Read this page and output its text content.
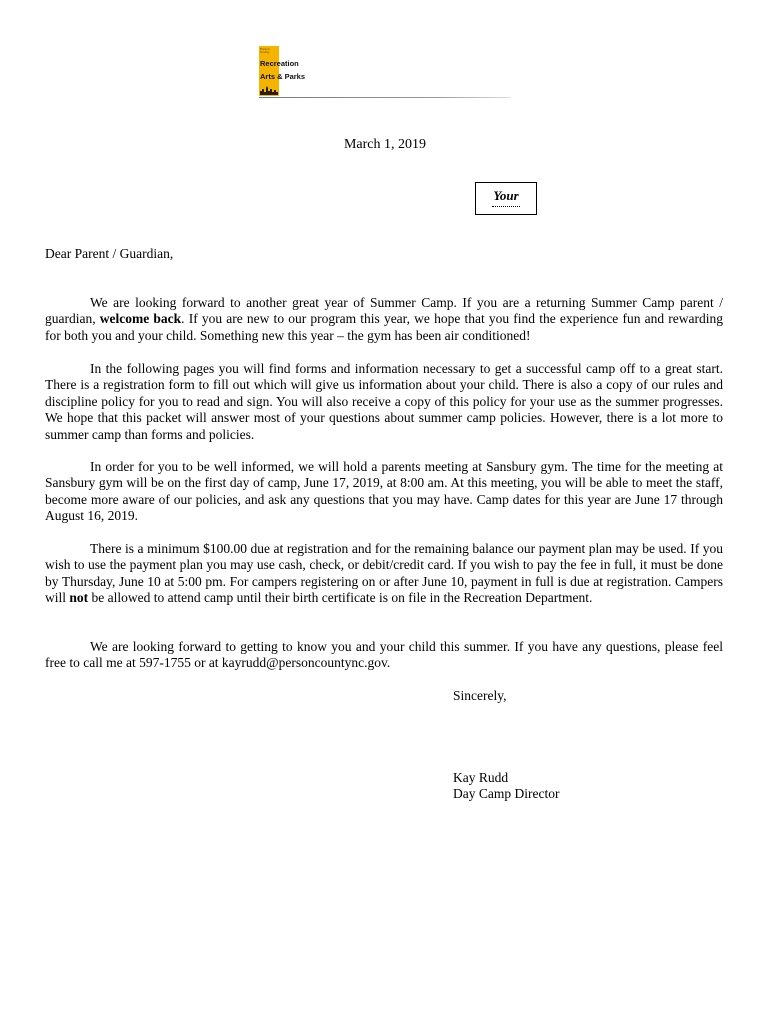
Person County
Recreation
Arts & Parks
March 1, 2019
Your
Dear Parent / Guardian,

We are looking forward to another great year of Summer Camp. If you are a returning Summer Camp parent / guardian, welcome back. If you are new to our program this year, we hope that you find the experience fun and rewarding for both you and your child. Something new this year – the gym has been air conditioned!

In the following pages you will find forms and information necessary to get a successful camp off to a great start. There is a registration form to fill out which will give us information about your child. There is also a copy of our rules and discipline policy for you to read and sign. You will also receive a copy of this policy for your use as the summer progresses. We hope that this packet will answer most of your questions about summer camp policies. However, there is a lot more to summer camp than forms and policies.

In order for you to be well informed, we will hold a parents meeting at Sansbury gym. The time for the meeting at Sansbury gym will be on the first day of camp, June 17, 2019, at 8:00 am. At this meeting, you will be able to meet the staff, become more aware of our policies, and ask any questions that you may have. Camp dates for this year are June 17 through August 16, 2019.

There is a minimum $100.00 due at registration and for the remaining balance our payment plan may be used. If you wish to use the payment plan you may use cash, check, or debit/credit card. If you wish to pay the fee in full, it must be done by Thursday, June 10 at 5:00 pm. For campers registering on or after June 10, payment in full is due at registration. Campers will not be allowed to attend camp until their birth certificate is on file in the Recreation Department.

We are looking forward to getting to know you and your child this summer. If you have any questions, please feel free to call me at 597-1755 or at kayrudd@personcountync.gov.

Sincerely,
Kay Rudd
Day Camp Director
